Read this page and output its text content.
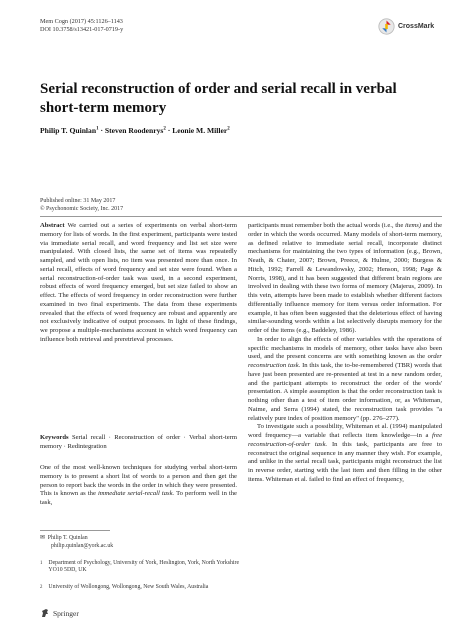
Mem Cogn (2017) 45:1126–1143
DOI 10.3758/s13421-017-0719-y	CrossMark
Serial reconstruction of order and serial recall in verbal
short-term memory
Philip T. Quinlan$^1$ · Steven Roodenrys$^2$ · Leonie M. Miller$^2$
Published online: 31 May 2017
© Psychonomic Society, Inc. 2017

Abstract We carried out a series of experiments on verbal short-term memory for lists of words. In the first experiment, participants were tested via immediate serial recall, and word frequency and list set size were manipulated. With closed lists, the same set of items was repeatedly sampled, and with open lists, no item was presented more than once. In serial recall, effects of word frequency and set size were found. When a serial reconstruction-of-order task was used, in a second experiment, robust effects of word frequency emerged, but set size failed to show an effect. The effects of word frequency in order reconstruction were further examined in two final experiments. The data from these experiments revealed that the effects of word frequency are robust and apparently are not exclusively indicative of output processes. In light of these findings, we propose a multiple-mechanisms account in which word frequency can influence both retrieval and preretrieval processes.

Keywords Serial recall · Reconstruction of order · Verbal short-term memory · Redintegration

One of the most well-known techniques for studying verbal short-term memory is to present a short list of words to a person and then get the person to report back the words in the order in which they were presented. This is known as the immediate serial-recall task. To perform well in the task,

✉ Philip T. Quinlan
philip.quinlan@york.ac.uk
1 Department of Psychology, University of York, Heslington, York, North Yorkshire YO10 5DD, UK
2 University of Wollongong, Wollongong, New South Wales, Australia

participants must remember both the actual words (i.e., the items) and the order in which the words occurred. Many models of short-term memory, as defined relative to immediate serial recall, incorporate distinct mechanisms for maintaining the two types of information (e.g., Brown, Neath, & Chater, 2007; Brown, Preece, & Hulme, 2000; Burgess & Hitch, 1992; Farrell & Lewandowsky, 2002; Henson, 1998; Page & Norris, 1998), and it has been suggested that different brain regions are involved in dealing with these two forms of memory (Majerus, 2009). In this vein, attempts have been made to establish whether different factors differentially influence memory for item versus order information. For example, it has often been suggested that the deleterious effect of having similar-sounding words within a list selectively disrupts memory for the order of the items (e.g., Baddeley, 1986).

In order to align the effects of other variables with the operations of specific mechanisms in models of memory, other tasks have also been used, and the present concerns are with something known as the order reconstruction task. In this task, the to-be-remembered (TBR) words that have just been presented are re-presented at test in a new random order, and the participant attempts to reconstruct the order of the words' presentation. A simple assumption is that the order reconstruction task is nothing other than a test of item order information, or, as Whiteman, Naime, and Serra (1994) stated, the reconstruction task provides "a relatively pure index of position memory" (pp. 276–277).

To investigate such a possibility, Whiteman et al. (1994) manipulated word frequency—a variable that reflects item knowledge—in a free reconstruction-of-order task. In this task, participants are free to reconstruct the original sequence in any manner they wish. For example, and unlike in the serial recall task, participants might reconstruct the list in reverse order, starting with the last item and then filling in the other items. Whiteman et al. failed to find an effect of frequency,

Springer
